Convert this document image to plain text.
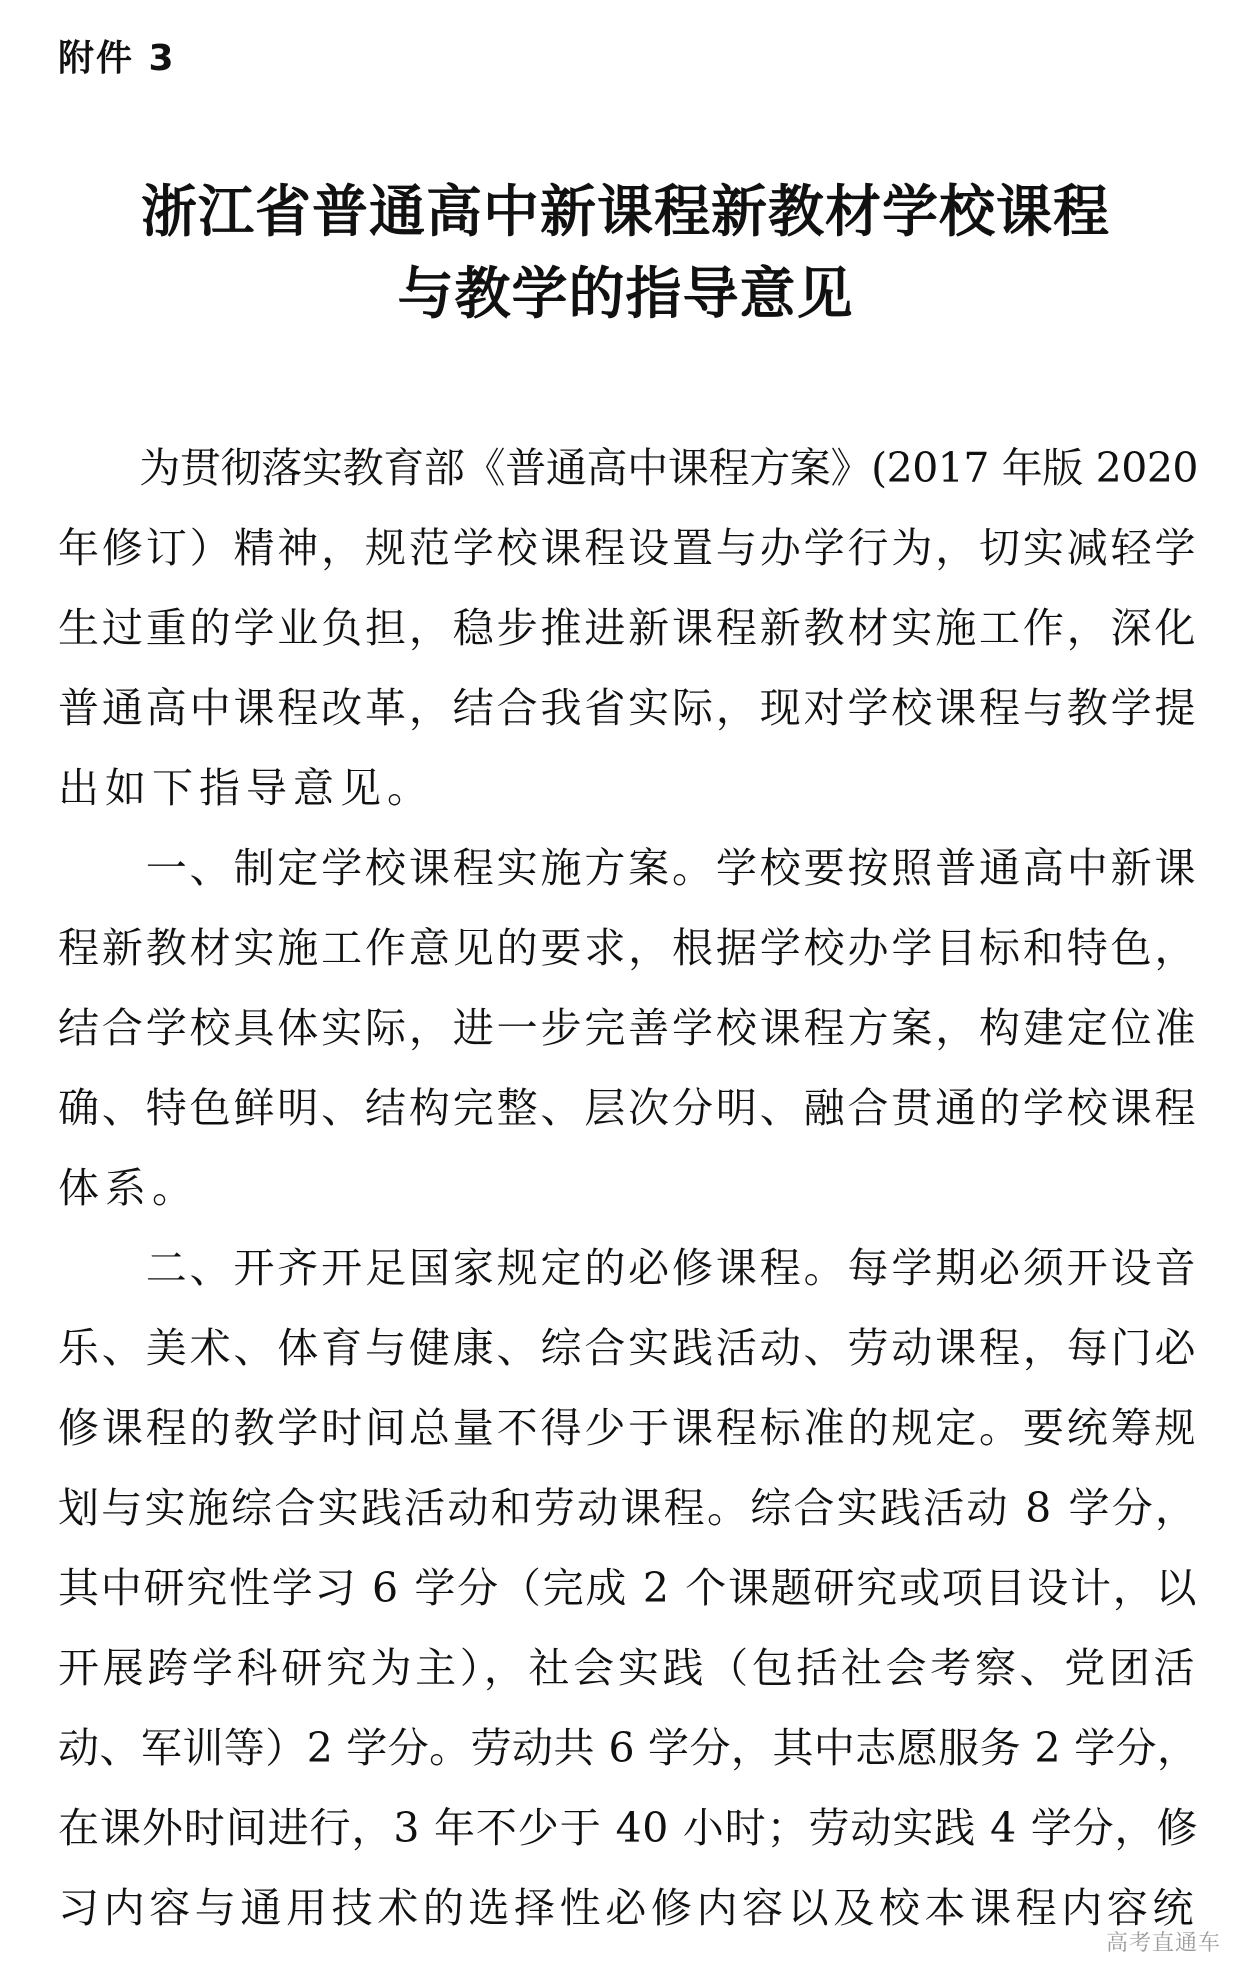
附件 3
浙江省普通高中新课程新教材学校课程
与教学的指导意见
　　为贯彻落实教育部《普通高中课程方案》(2017 年版 2020
年修订）精神，规范学校课程设置与办学行为，切实减轻学
生过重的学业负担，稳步推进新课程新教材实施工作，深化
普通高中课程改革，结合我省实际，现对学校课程与教学提
出如下指导意见。
　　一、制定学校课程实施方案。学校要按照普通高中新课
程新教材实施工作意见的要求，根据学校办学目标和特色，
结合学校具体实际，进一步完善学校课程方案，构建定位准
确、特色鲜明、结构完整、层次分明、融合贯通的学校课程
体系。
　　二、开齐开足国家规定的必修课程。每学期必须开设音
乐、美术、体育与健康、综合实践活动、劳动课程，每门必
修课程的教学时间总量不得少于课程标准的规定。要统筹规
划与实施综合实践活动和劳动课程。综合实践活动 8 学分，
其中研究性学习 6 学分（完成 2 个课题研究或项目设计，以
开展跨学科研究为主），社会实践（包括社会考察、党团活
动、军训等）2 学分。劳动共 6 学分，其中志愿服务 2 学分，
在课外时间进行，3 年不少于 40 小时；劳动实践 4 学分，修
习内容与通用技术的选择性必修内容以及校本课程内容统
高考直通车
